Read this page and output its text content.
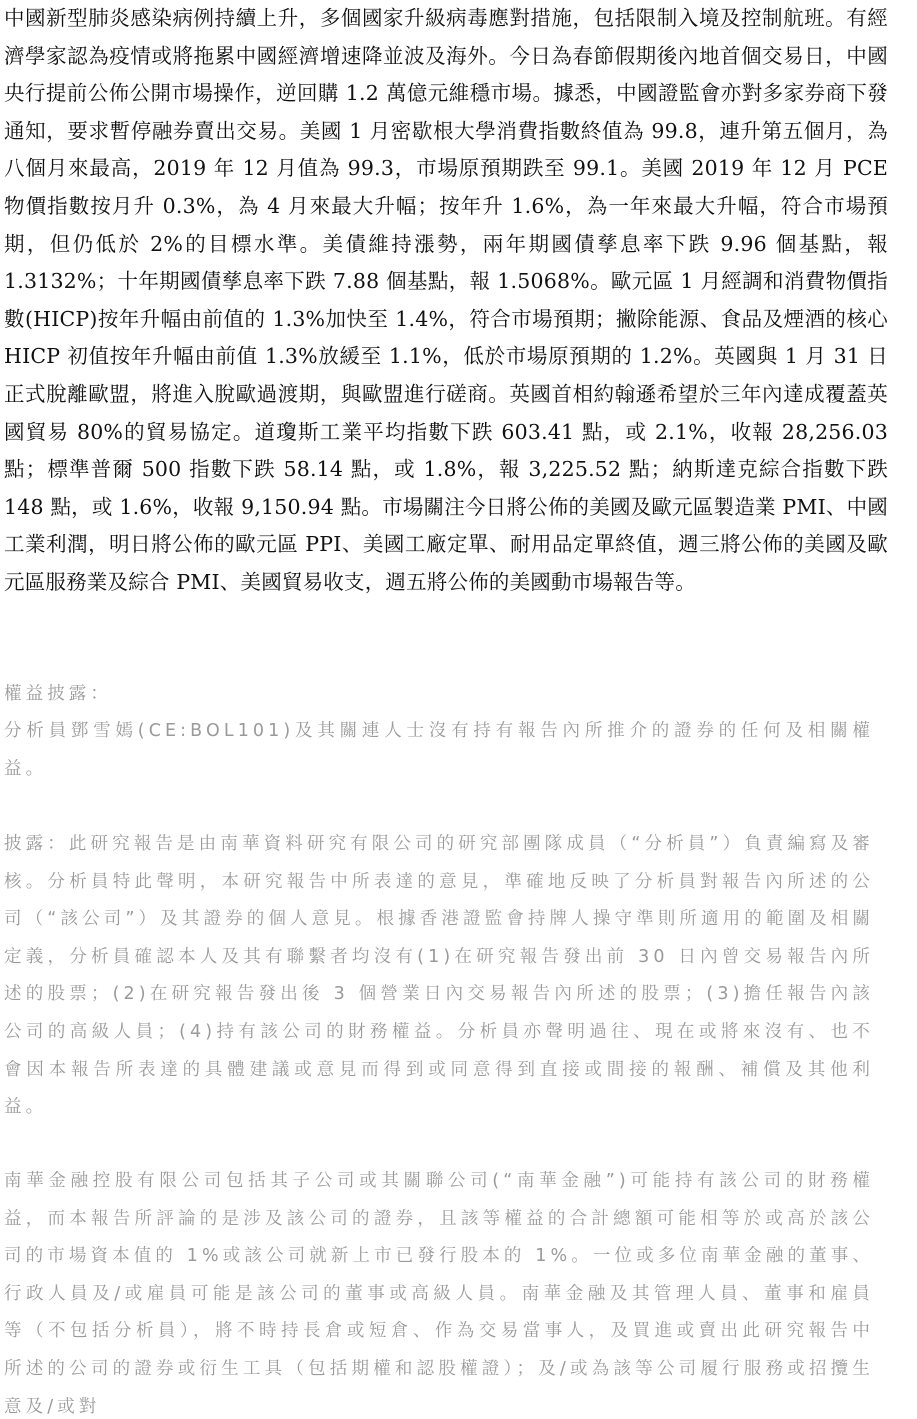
中國新型肺炎感染病例持續上升，多個國家升級病毒應對措施，包括限制入境及控制航班。有經濟學家認為疫情或將拖累中國經濟增速降並波及海外。今日為春節假期後內地首個交易日，中國央行提前公佈公開市場操作，逆回購 1.2 萬億元維穩市場。據悉，中國證監會亦對多家券商下發通知，要求暫停融券賣出交易。美國 1 月密歇根大學消費指數終值為 99.8，連升第五個月，為八個月來最高，2019 年 12 月值為 99.3，市場原預期跌至 99.1。美國 2019 年 12 月 PCE 物價指數按月升 0.3%，為 4 月來最大升幅；按年升 1.6%，為一年來最大升幅，符合市場預期，但仍低於 2%的目標水準。美債維持漲勢，兩年期國債孳息率下跌 9.96 個基點，報 1.3132%；十年期國債孳息率下跌 7.88 個基點，報 1.5068%。歐元區 1 月經調和消費物價指數(HICP)按年升幅由前值的 1.3%加快至 1.4%，符合市場預期；撇除能源、食品及煙酒的核心 HICP 初值按年升幅由前值 1.3%放緩至 1.1%，低於市場原預期的 1.2%。英國與 1 月 31 日正式脫離歐盟，將進入脫歐過渡期，與歐盟進行磋商。英國首相約翰遜希望於三年內達成覆蓋英國貿易 80%的貿易協定。道瓊斯工業平均指數下跌 603.41 點，或 2.1%，收報 28,256.03 點；標準普爾 500 指數下跌 58.14 點，或 1.8%，報 3,225.52 點；納斯達克綜合指數下跌 148 點，或 1.6%，收報 9,150.94 點。市場關注今日將公佈的美國及歐元區製造業 PMI、中國工業利潤，明日將公佈的歐元區 PPI、美國工廠定單、耐用品定單終值，週三將公佈的美國及歐元區服務業及綜合 PMI、美國貿易收支，週五將公佈的美國動市場報告等。

權益披露：

分析員鄧雪嫣(CE:BOL101)及其關連人士沒有持有報告內所推介的證券的任何及相關權益。

披露：此研究報告是由南華資料研究有限公司的研究部團隊成員（“分析員”）負責編寫及審核。分析員特此聲明，本研究報告中所表達的意見，準確地反映了分析員對報告內所述的公司（“該公司”）及其證券的個人意見。根據香港證監會持牌人操守準則所適用的範圍及相關定義，分析員確認本人及其有聯繫者均沒有(1)在研究報告發出前 30 日內曾交易報告內所述的股票；(2)在研究報告發出後 3 個營業日內交易報告內所述的股票；(3)擔任報告內該公司的高級人員；(4)持有該公司的財務權益。分析員亦聲明過往、現在或將來沒有、也不會因本報告所表達的具體建議或意見而得到或同意得到直接或間接的報酬、補償及其他利益。

南華金融控股有限公司包括其子公司或其關聯公司(“南華金融”)可能持有該公司的財務權益，而本報告所評論的是涉及該公司的證券，且該等權益的合計總額可能相等於或高於該公司的市場資本值的 1%或該公司就新上市已發行股本的 1%。一位或多位南華金融的董事、行政人員及/或雇員可能是該公司的董事或高級人員。南華金融及其管理人員、董事和雇員等（不包括分析員），將不時持長倉或短倉、作為交易當事人，及買進或賣出此研究報告中所述的公司的證券或衍生工具（包括期權和認股權證）；及/或為該等公司履行服務或招攬生意及/或對
